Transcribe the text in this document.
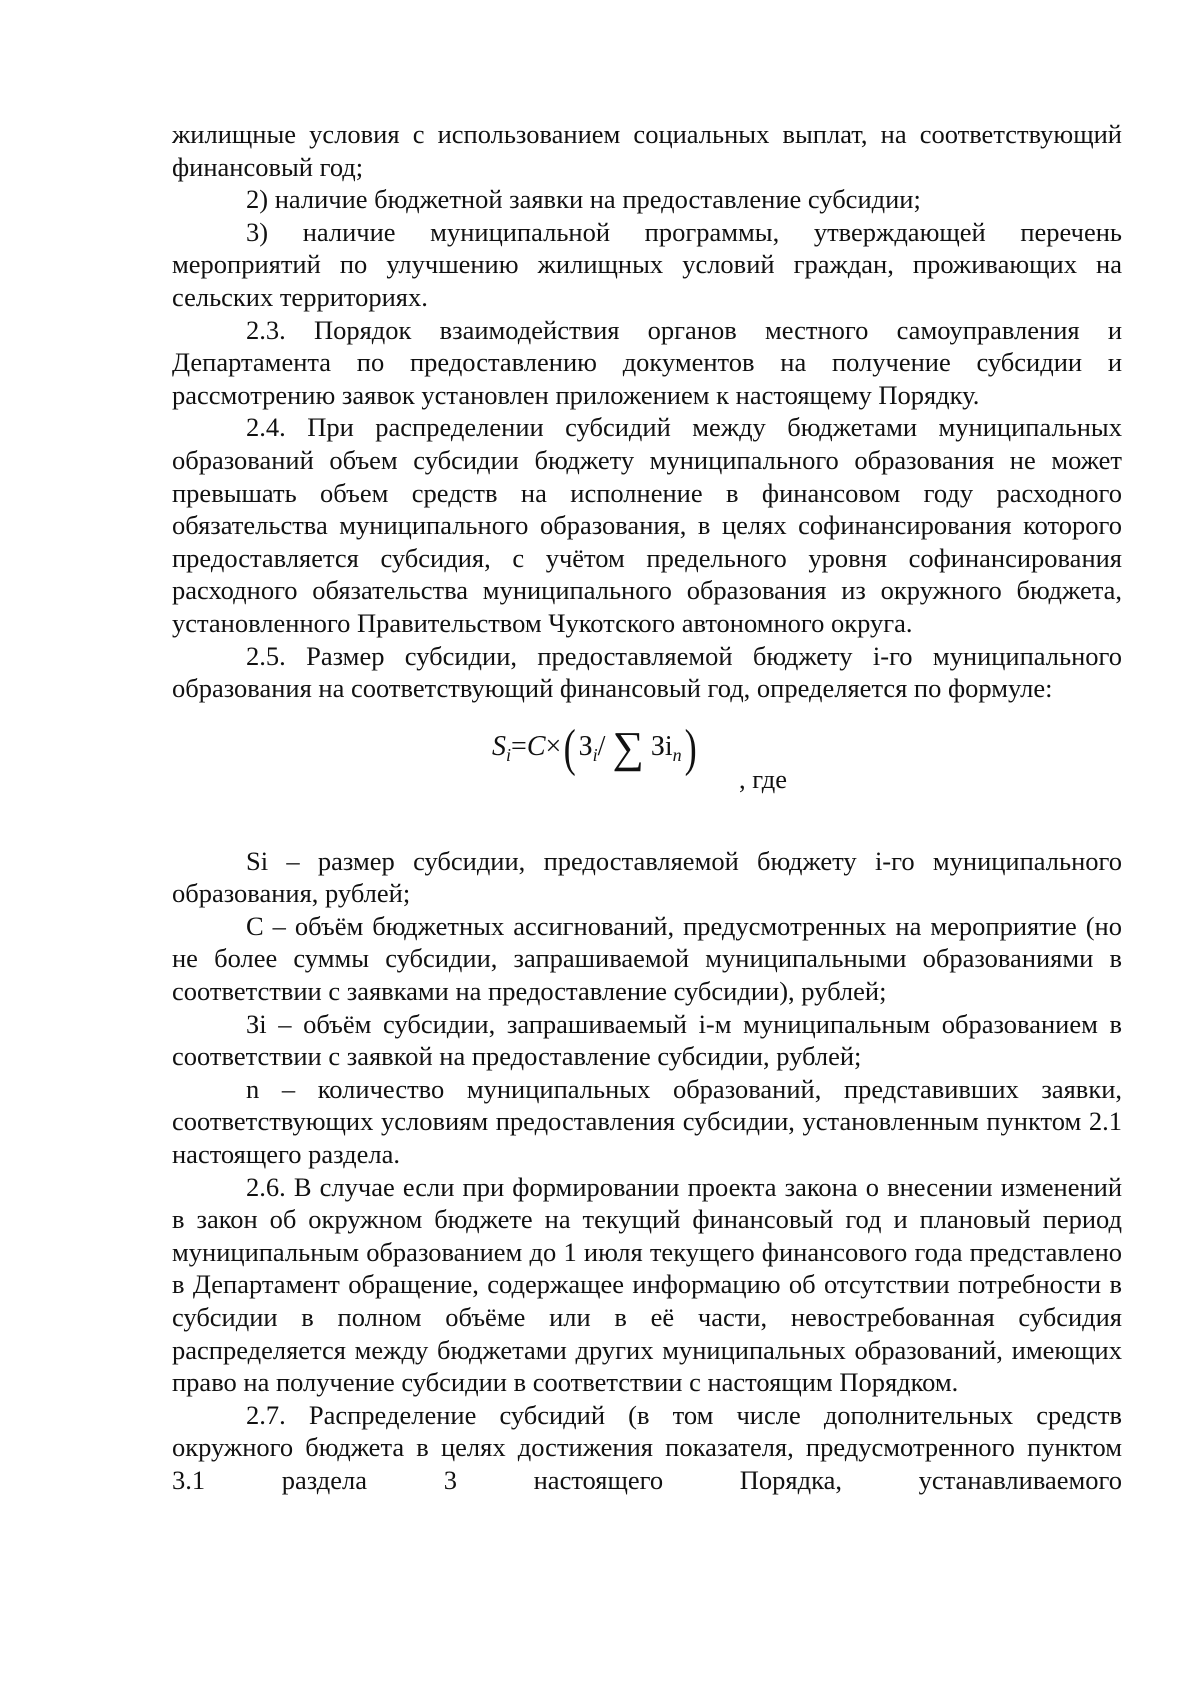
жилищные условия с использованием социальных выплат, на соответствующий финансовый год;

2) наличие бюджетной заявки на предоставление субсидии;

3) наличие муниципальной программы, утверждающей перечень мероприятий по улучшению жилищных условий граждан, проживающих на сельских территориях.

2.3. Порядок взаимодействия органов местного самоуправления и Департамента по предоставлению документов на получение субсидии и рассмотрению заявок установлен приложением к настоящему Порядку.

2.4. При распределении субсидий между бюджетами муниципальных образований объем субсидии бюджету муниципального образования не может превышать объем средств на исполнение в финансовом году расходного обязательства муниципального образования, в целях софинансирования которого предоставляется субсидия, с учётом предельного уровня софинансирования расходного обязательства муниципального образования из окружного бюджета, установленного Правительством Чукотского автономного округа.

2.5. Размер субсидии, предоставляемой бюджету i-го муниципального образования на соответствующий финансовый год, определяется по формуле:

$S_i=C\times(З_i/$ ∑ $Зi_n$)
, где

Si – размер субсидии, предоставляемой бюджету i-го муниципального образования, рублей;

С – объём бюджетных ассигнований, предусмотренных на мероприятие (но не более суммы субсидии, запрашиваемой муниципальными образованиями в соответствии с заявками на предоставление субсидии), рублей;

Зi – объём субсидии, запрашиваемый i-м муниципальным образованием в соответствии с заявкой на предоставление субсидии, рублей;

n – количество муниципальных образований, представивших заявки, соответствующих условиям предоставления субсидии, установленным пунктом 2.1 настоящего раздела.

2.6. В случае если при формировании проекта закона о внесении изменений в закон об окружном бюджете на текущий финансовый год и плановый период муниципальным образованием до 1 июля текущего финансового года представлено в Департамент обращение, содержащее информацию об отсутствии потребности в субсидии в полном объёме или в её части, невостребованная субсидия распределяется между бюджетами других муниципальных образований, имеющих право на получение субсидии в соответствии с настоящим Порядком.

2.7. Распределение субсидий (в том числе дополнительных средств окружного бюджета в целях достижения показателя, предусмотренного пунктом 3.1 раздела 3 настоящего Порядка, устанавливаемого
